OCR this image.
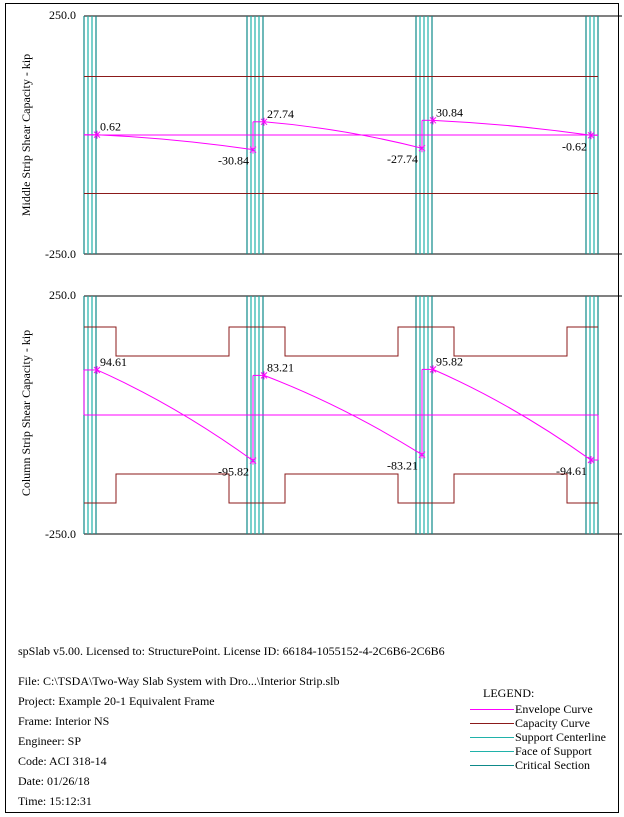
Middle Strip Shear Capacity - kip
250.0
-250.0
0.62
-30.84
27.74
-27.74
30.84
-0.62
Column Strip Shear Capacity - kip
250.0
-250.0
94.61
-95.82
83.21
-83.21
95.82
-94.61
spSlab v5.00. Licensed to: StructurePoint. License ID: 66184-1055152-4-2C6B6-2C6B6
File: C:\TSDA\Two-Way Slab System with Dro...\Interior Strip.slb
Project: Example 20-1 Equivalent Frame
Frame: Interior NS
Engineer: SP
Code: ACI 318-14
Date: 01/26/18
Time: 15:12:31
LEGEND:
Envelope Curve
Capacity Curve
Support Centerline
Face of Support
Critical Section
